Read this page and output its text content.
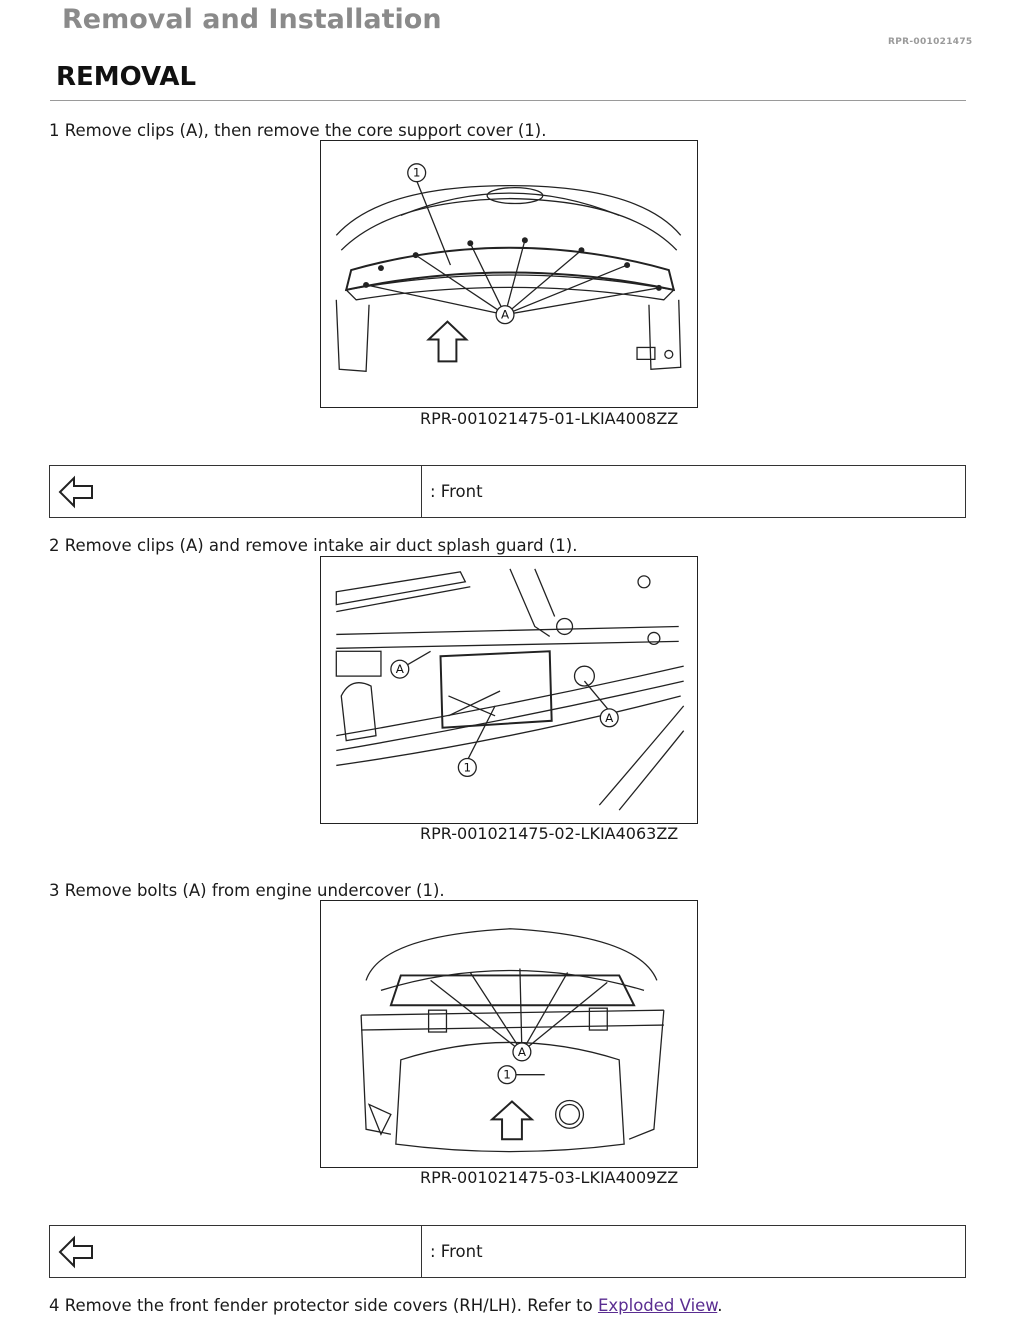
Removal and Installation
RPR-001021475
REMOVAL
1 Remove clips (A), then remove the core support cover (1).
1
A
RPR-001021475-01-LKIA4008ZZ
: Front
2 Remove clips (A) and remove intake air duct splash guard (1).
A
A
1
RPR-001021475-02-LKIA4063ZZ
3 Remove bolts (A) from engine undercover (1).
A
1
RPR-001021475-03-LKIA4009ZZ
: Front
4 Remove the front fender protector side covers (RH/LH). Refer to Exploded View.
